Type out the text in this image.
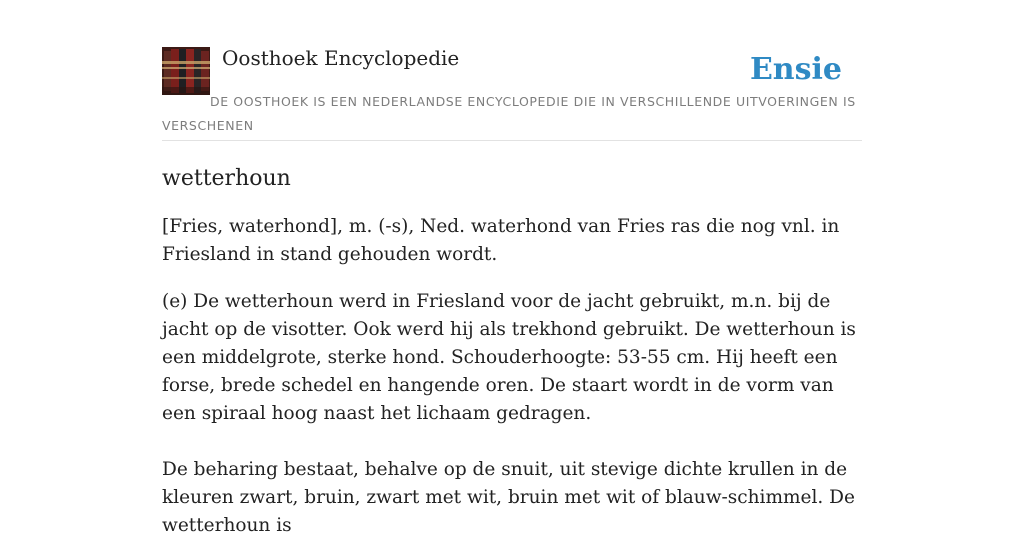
Oosthoek Encyclopedie	Ensie
DE OOSTHOEK IS EEN NEDERLANDSE ENCYCLOPEDIE DIE IN VERSCHILLENDE UITVOERINGEN IS VERSCHENEN
wetterhoun

[Fries, waterhond], m. (-s), Ned. waterhond van Fries ras die nog vnl. in Friesland in stand gehouden wordt.

(e) De wetterhoun werd in Friesland voor de jacht gebruikt, m.n. bij de jacht op de visotter. Ook werd hij als trekhond gebruikt. De wetterhoun is een middelgrote, sterke hond. Schouderhoogte: 53-55 cm. Hij heeft een forse, brede schedel en hangende oren. De staart wordt in de vorm van een spiraal hoog naast het lichaam gedragen.

De beharing bestaat, behalve op de snuit, uit stevige dichte krullen in de kleuren zwart, bruin, zwart met wit, bruin met wit of blauw-schimmel. De wetterhoun is
